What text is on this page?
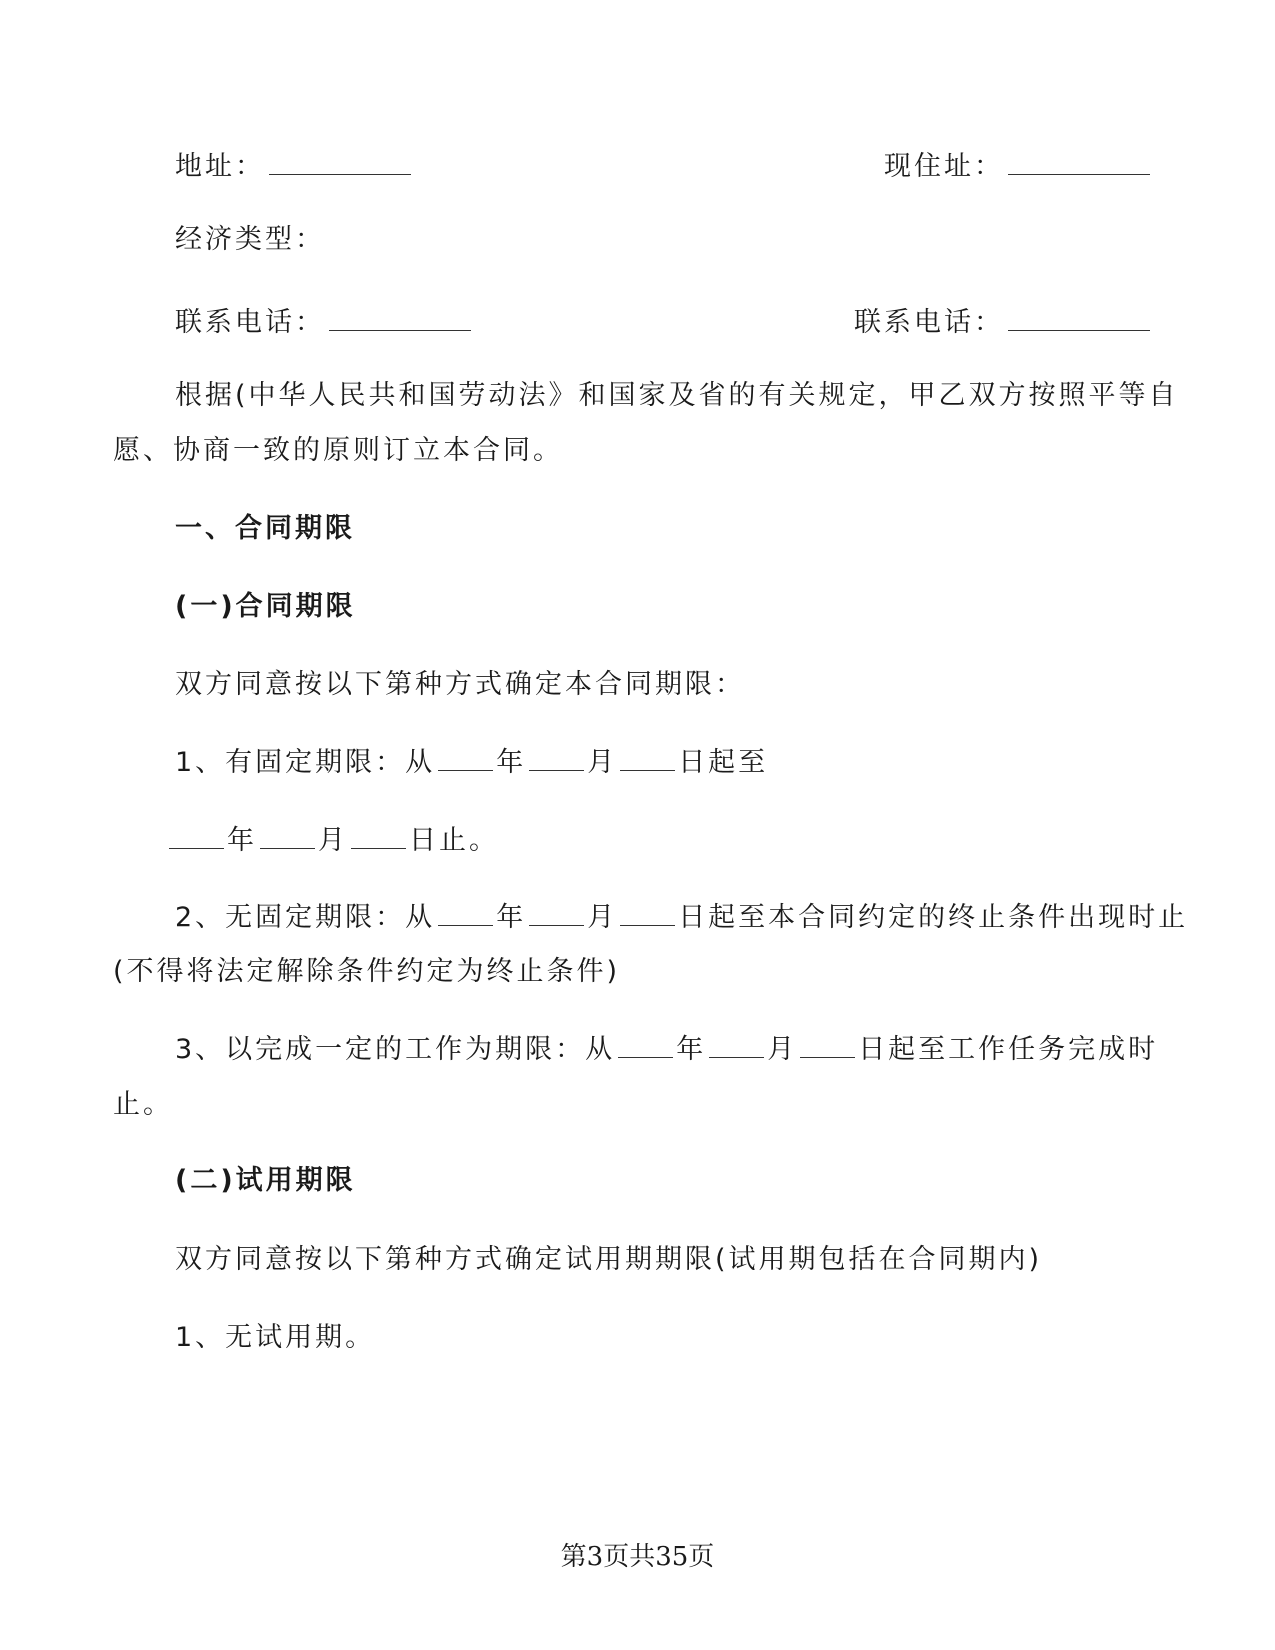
地址：	现住址：
经济类型：
联系电话：	联系电话：
根据(中华人民共和国劳动法》和国家及省的有关规定，甲乙双方按照平等自
愿、协商一致的原则订立本合同。
一、合同期限
(一)合同期限
双方同意按以下第种方式确定本合同期限：
1、有固定期限：从 年 月 日起至
年 月 日止。
2、无固定期限：从 年 月 日起至本合同约定的终止条件出现时止
(不得将法定解除条件约定为终止条件)
3、以完成一定的工作为期限：从 年 月 日起至工作任务完成时
止。
(二)试用期限
双方同意按以下第种方式确定试用期期限(试用期包括在合同期内)
1、无试用期。
第3页共35页
